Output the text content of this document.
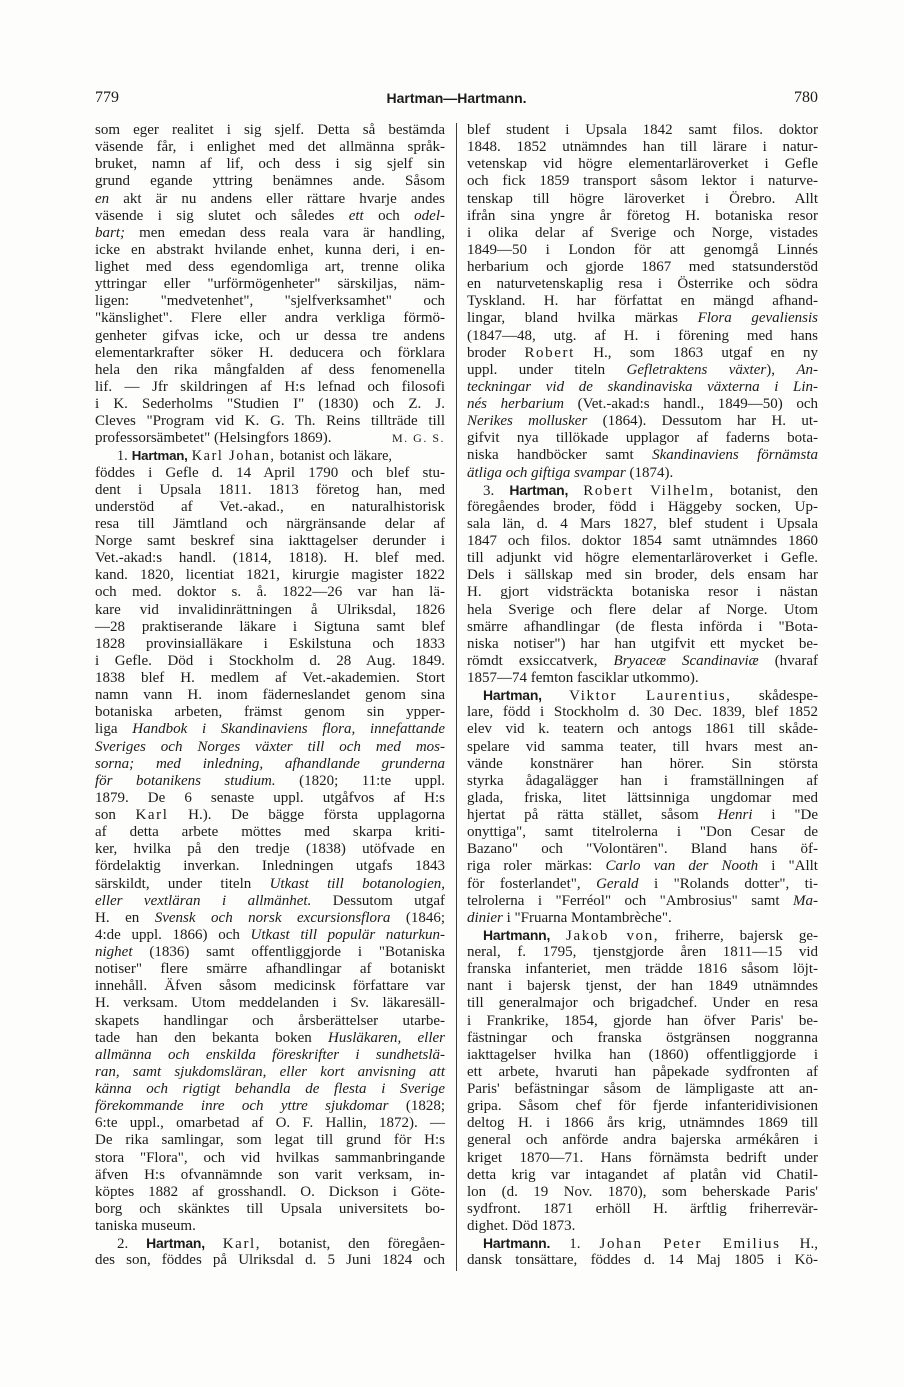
779	Hartman—Hartmann.	780
som eger realitet i sig sjelf. Detta så bestämda
väsende får, i enlighet med det allmänna språk-
bruket, namn af lif, och dess i sig sjelf sin
grund egande yttring benämnes ande. Såsom
en akt är nu andens eller rättare hvarje andes
väsende i sig slutet och således ett och odel-
bart; men emedan dess reala vara är handling,
icke en abstrakt hvilande enhet, kunna deri, i en-
lighet med dess egendomliga art, trenne olika
yttringar eller "urförmögenheter" särskiljas, näm-
ligen: "medvetenhet", "sjelfverksamhet" och
"känslighet". Flere eller andra verkliga förmö-
genheter gifvas icke, och ur dessa tre andens
elementarkrafter söker H. deducera och förklara
hela den rika mångfalden af dess fenomenella
lif. — Jfr skildringen af H:s lefnad och filosofi
i K. Sederholms "Studien I" (1830) och Z. J.
Cleves "Program vid K. G. Th. Reins tillträde till
professorsämbetet" (Helsingfors 1869).	M. G. S.
1. Hartman, Karl Johan, botanist och läkare,
föddes i Gefle d. 14 April 1790 och blef stu-
dent i Upsala 1811. 1813 företog han, med
understöd af Vet.-akad., en naturalhistorisk
resa till Jämtland och närgränsande delar af
Norge samt beskref sina iakttagelser derunder i
Vet.-akad:s handl. (1814, 1818). H. blef med.
kand. 1820, licentiat 1821, kirurgie magister 1822
och med. doktor s. å. 1822—26 var han lä-
kare vid invalidinrättningen å Ulriksdal, 1826
—28 praktiserande läkare i Sigtuna samt blef
1828 provinsialläkare i Eskilstuna och 1833
i Gefle. Död i Stockholm d. 28 Aug. 1849.
1838 blef H. medlem af Vet.-akademien. Stort
namn vann H. inom fäderneslandet genom sina
botaniska arbeten, främst genom sin ypper-
liga Handbok i Skandinaviens flora, innefattande
Sveriges och Norges växter till och med mos-
sorna; med inledning, afhandlande grunderna
för botanikens studium. (1820; 11:te uppl.
1879. De 6 senaste uppl. utgåfvos af H:s
son Karl H.). De bägge första upplagorna
af detta arbete möttes med skarpa kriti-
ker, hvilka på den tredje (1838) utöfvade en
fördelaktig inverkan. Inledningen utgafs 1843
särskildt, under titeln Utkast till botanologien,
eller vextläran i allmänhet. Dessutom utgaf
H. en Svensk och norsk excursionsflora (1846;
4:de uppl. 1866) och Utkast till populär naturkun-
nighet (1836) samt offentliggjorde i "Botaniska
notiser" flere smärre afhandlingar af botaniskt
innehåll. Äfven såsom medicinsk författare var
H. verksam. Utom meddelanden i Sv. läkaresäll-
skapets handlingar och årsberättelser utarbe-
tade han den bekanta boken Husläkaren, eller
allmänna och enskilda föreskrifter i sundhetslä-
ran, samt sjukdomsläran, eller kort anvisning att
känna och rigtigt behandla de flesta i Sverige
förekommande inre och yttre sjukdomar (1828;
6:te uppl., omarbetad af O. F. Hallin, 1872). —
De rika samlingar, som legat till grund för H:s
stora "Flora", och vid hvilkas sammanbringande
äfven H:s ofvannämnde son varit verksam, in-
köptes 1882 af grosshandl. O. Dickson i Göte-
borg och skänktes till Upsala universitets bo-
taniska museum.
2. Hartman, Karl, botanist, den föregåen-
des son, föddes på Ulriksdal d. 5 Juni 1824 och
blef student i Upsala 1842 samt filos. doktor
1848. 1852 utnämndes han till lärare i natur-
vetenskap vid högre elementarläroverket i Gefle
och fick 1859 transport såsom lektor i naturve-
tenskap till högre läroverket i Örebro. Allt
ifrån sina yngre år företog H. botaniska resor
i olika delar af Sverige och Norge, vistades
1849—50 i London för att genomgå Linnés
herbarium och gjorde 1867 med statsunderstöd
en naturvetenskaplig resa i Österrike och södra
Tyskland. H. har författat en mängd afhand-
lingar, bland hvilka märkas Flora gevaliensis
(1847—48, utg. af H. i förening med hans
broder Robert H., som 1863 utgaf en ny
uppl. under titeln Gefletraktens växter), An-
teckningar vid de skandinaviska växterna i Lin-
nés herbarium (Vet.-akad:s handl., 1849—50) och
Nerikes mollusker (1864). Dessutom har H. ut-
gifvit nya tillökade upplagor af faderns bota-
niska handböcker samt Skandinaviens förnämsta
ätliga och giftiga svampar (1874).
3. Hartman, Robert Vilhelm, botanist, den
föregåendes broder, född i Häggeby socken, Up-
sala län, d. 4 Mars 1827, blef student i Upsala
1847 och filos. doktor 1854 samt utnämndes 1860
till adjunkt vid högre elementarläroverket i Gefle.
Dels i sällskap med sin broder, dels ensam har
H. gjort vidsträckta botaniska resor i nästan
hela Sverige och flere delar af Norge. Utom
smärre afhandlingar (de flesta införda i "Bota-
niska notiser") har han utgifvit ett mycket be-
römdt exsiccatverk, Bryaceæ Scandinaviæ (hvaraf
1857—74 femton fasciklar utkommo).
Hartman, Viktor Laurentius, skådespe-
lare, född i Stockholm d. 30 Dec. 1839, blef 1852
elev vid k. teatern och antogs 1861 till skåde-
spelare vid samma teater, till hvars mest an-
vände konstnärer han hörer. Sin största
styrka ådagalägger han i framställningen af
glada, friska, litet lättsinniga ungdomar med
hjertat på rätta stället, såsom Henri i "De
onyttiga", samt titelrolerna i "Don Cesar de
Bazano" och "Volontären". Bland hans öf-
riga roler märkas: Carlo van der Nooth i "Allt
för fosterlandet", Gerald i "Rolands dotter", ti-
telrolerna i "Ferréol" och "Ambrosius" samt Ma-
dinier i "Fruarna Montambrèche".
Hartmann, Jakob von, friherre, bajersk ge-
neral, f. 1795, tjenstgjorde åren 1811—15 vid
franska infanteriet, men trädde 1816 såsom löjt-
nant i bajersk tjenst, der han 1849 utnämndes
till generalmajor och brigadchef. Under en resa
i Frankrike, 1854, gjorde han öfver Paris' be-
fästningar och franska östgränsen noggranna
iakttagelser hvilka han (1860) offentliggjorde i
ett arbete, hvaruti han påpekade sydfronten af
Paris' befästningar såsom de lämpligaste att an-
gripa. Såsom chef för fjerde infanteridivisionen
deltog H. i 1866 års krig, utnämndes 1869 till
general och anförde andra bajerska armékåren i
kriget 1870—71. Hans förnämsta bedrift under
detta krig var intagandet af platån vid Chatil-
lon (d. 19 Nov. 1870), som beherskade Paris'
sydfront. 1871 erhöll H. ärftlig friherrevär-
dighet. Död 1873.
Hartmann. 1. Johan Peter Emilius H.,
dansk tonsättare, föddes d. 14 Maj 1805 i Kö-
